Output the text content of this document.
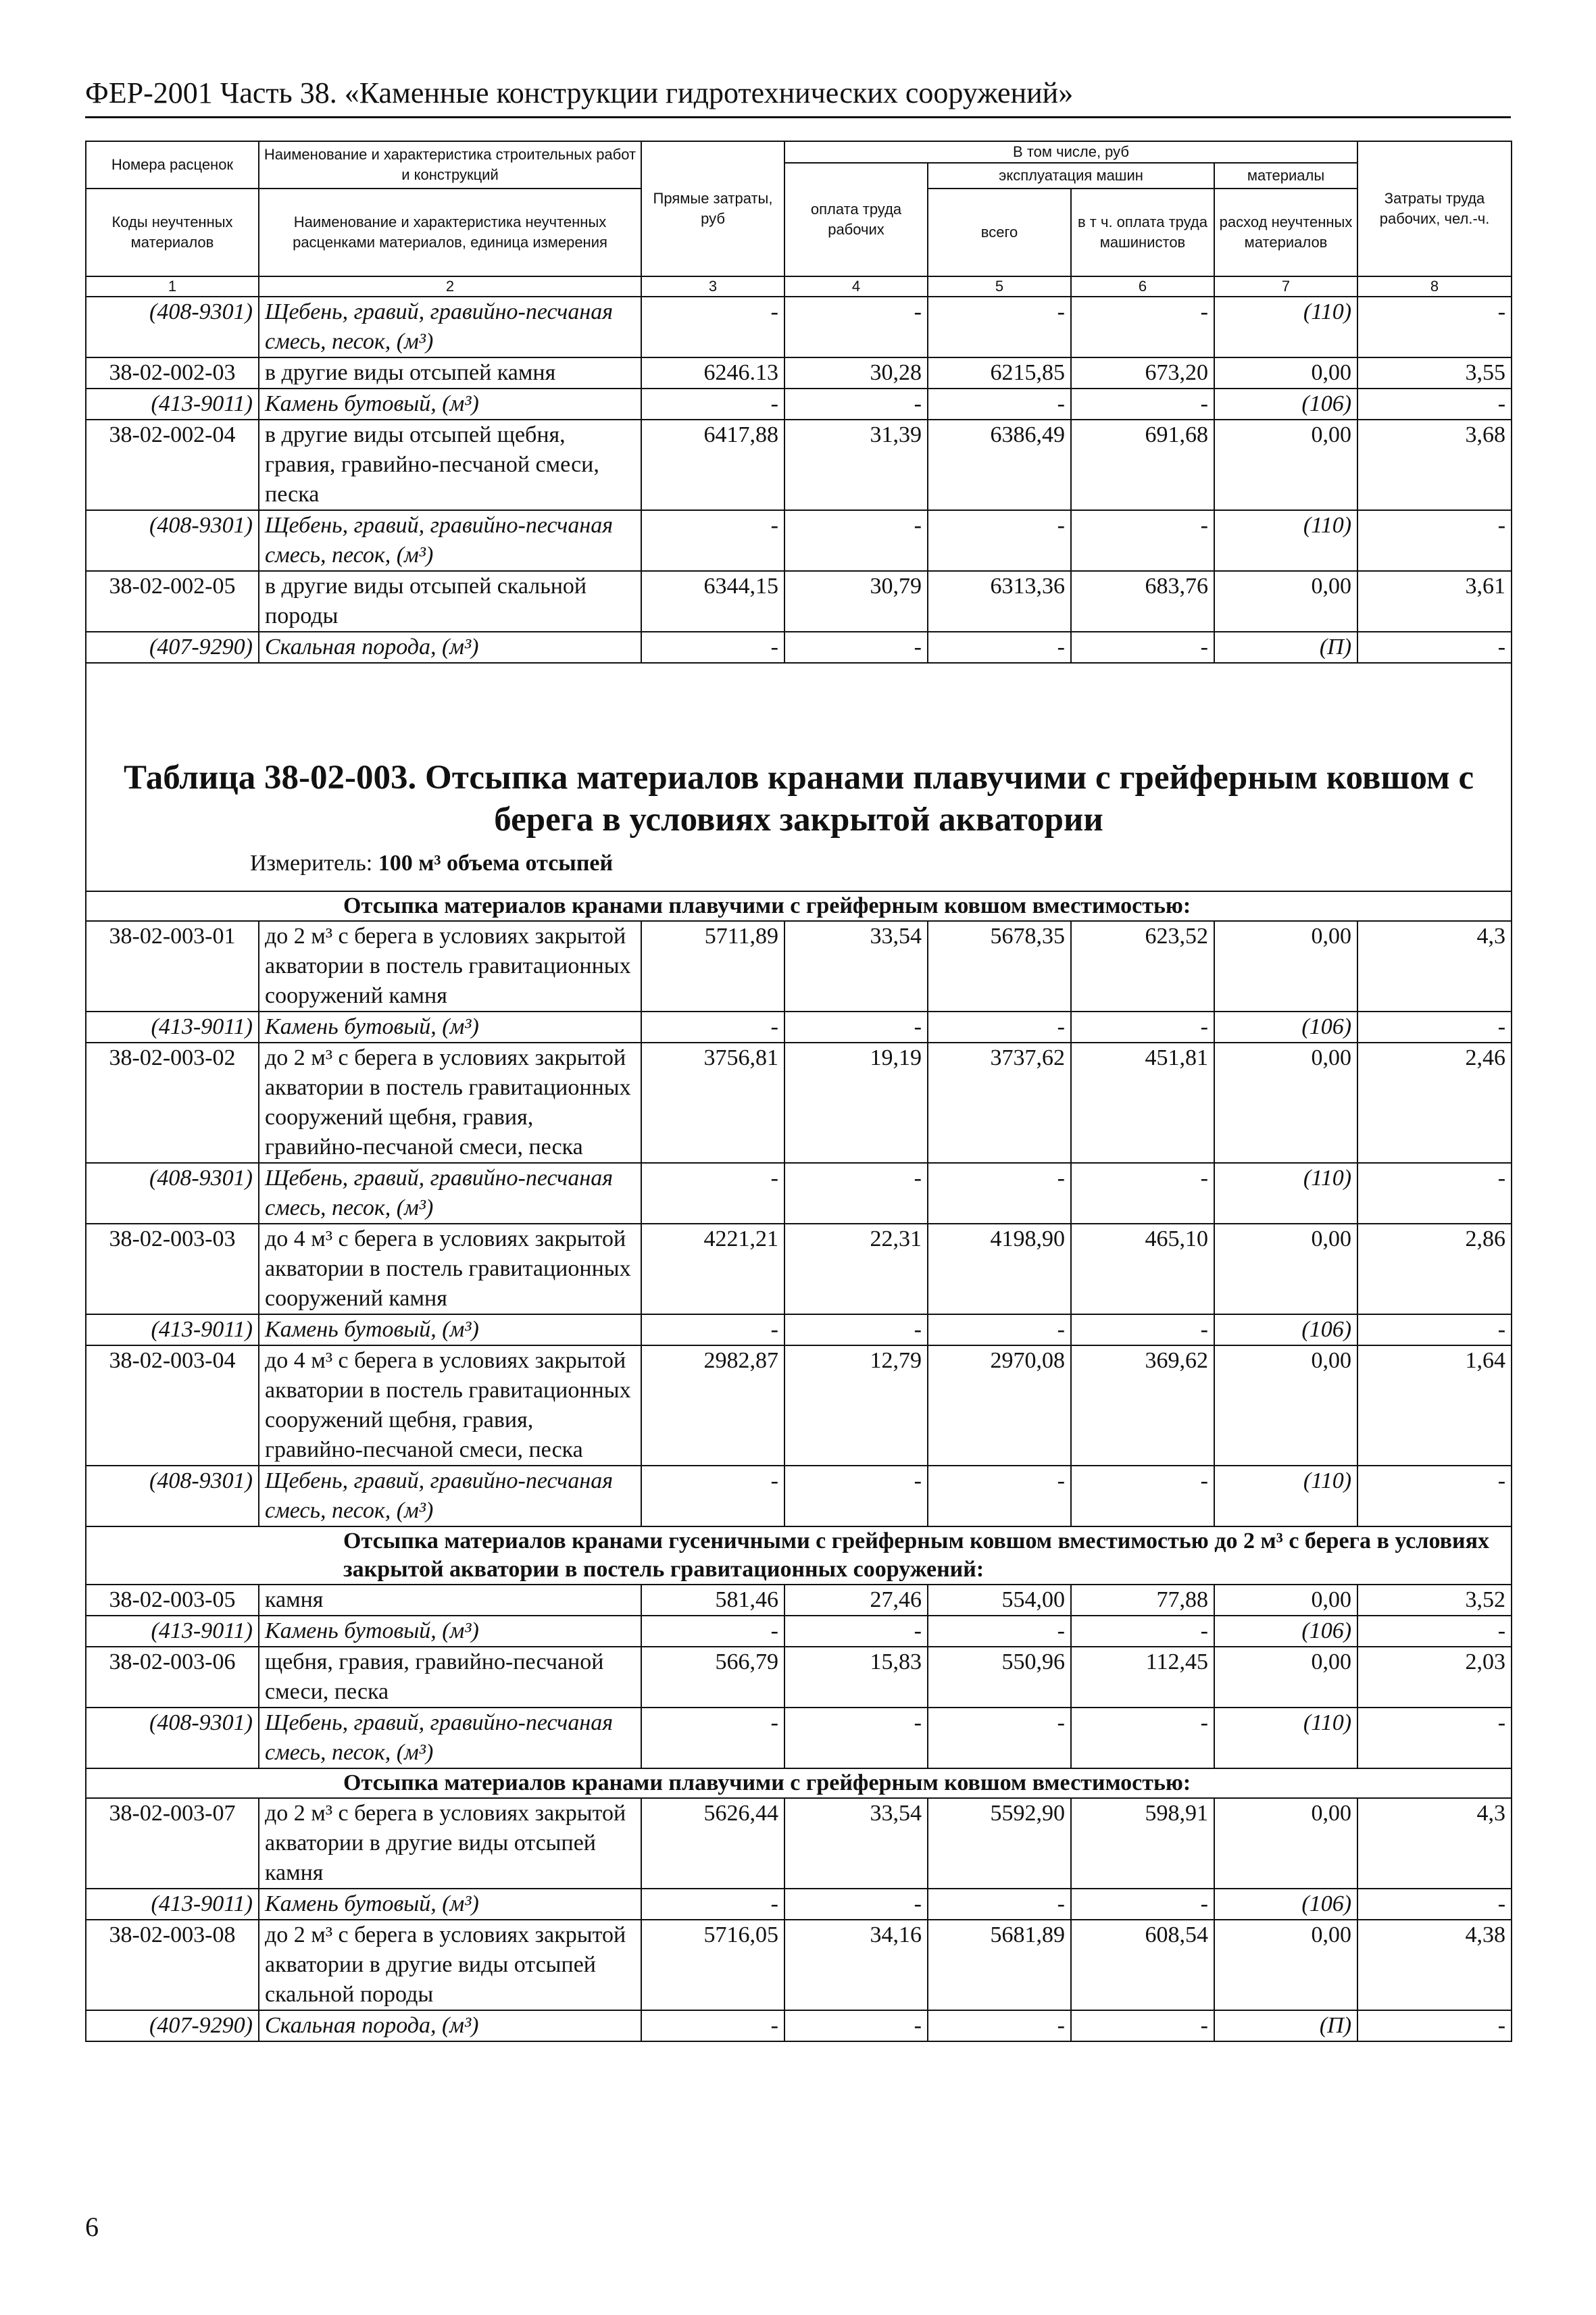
ФЕР-2001 Часть 38. «Каменные конструкции гидротехнических сооружений»
Номера расценок	Наименование и характеристика строительных работ и конструкций	Прямые затраты, руб	В том числе, руб				Затраты труда рабочих, чел.-ч.
			оплата труда рабочих	эксплуатация машин		материалы	
Коды неучтенных материалов	Наименование и характеристика неучтенных расценками материалов, единица измерения			всего	в т ч. оплата труда машинистов	расход неучтенных материалов	

1	2	3	4	5	6	7	8
(408-9301)	Щебень, гравий, гравийно-песчаная смесь, песок, (м³)	-	-	-	-	(110)	-
38-02-002-03	в другие виды отсыпей камня	6246.13	30,28	6215,85	673,20	0,00	3,55
(413-9011)	Камень бутовый, (м³)	-	-	-	-	(106)	-
38-02-002-04	в другие виды отсыпей щебня, гравия, гравийно-песчаной смеси, песка	6417,88	31,39	6386,49	691,68	0,00	3,68
(408-9301)	Щебень, гравий, гравийно-песчаная смесь, песок, (м³)	-	-	-	-	(110)	-
38-02-002-05	в другие виды отсыпей скальной породы	6344,15	30,79	6313,36	683,76	0,00	3,61
(407-9290)	Скальная порода, (м³)	-	-	-	-	(П)	-

Таблица 38-02-003. Отсыпка материалов кранами плавучими с грейферным ковшом с
берега в условиях закрытой акватории
Измеритель: 100 м³ объема отсыпей							

Отсыпка материалов кранами плавучими с грейферным ковшом вместимостью:							
38-02-003-01	до 2 м³ с берега в условиях закрытой акватории в постель гравитационных сооружений камня	5711,89	33,54	5678,35	623,52	0,00	4,3
(413-9011)	Камень бутовый, (м³)	-	-	-	-	(106)	-
38-02-003-02	до 2 м³ с берега в условиях закрытой акватории в постель гравитационных сооружений щебня, гравия, гравийно-песчаной смеси, песка	3756,81	19,19	3737,62	451,81	0,00	2,46
(408-9301)	Щебень, гравий, гравийно-песчаная смесь, песок, (м³)	-	-	-	-	(110)	-
38-02-003-03	до 4 м³ с берега в условиях закрытой акватории в постель гравитационных сооружений камня	4221,21	22,31	4198,90	465,10	0,00	2,86
(413-9011)	Камень бутовый, (м³)	-	-	-	-	(106)	-
38-02-003-04	до 4 м³ с берега в условиях закрытой акватории в постель гравитационных сооружений щебня, гравия, гравийно-песчаной смеси, песка	2982,87	12,79	2970,08	369,62	0,00	1,64
(408-9301)	Щебень, гравий, гравийно-песчаная смесь, песок, (м³)	-	-	-	-	(110)	-
Отсыпка материалов кранами гусеничными с грейферным ковшом вместимостью до 2 м³ с берега в условиях закрытой акватории в постель гравитационных сооружений:							
38-02-003-05	камня	581,46	27,46	554,00	77,88	0,00	3,52
(413-9011)	Камень бутовый, (м³)	-	-	-	-	(106)	-
38-02-003-06	щебня, гравия, гравийно-песчаной смеси, песка	566,79	15,83	550,96	112,45	0,00	2,03
(408-9301)	Щебень, гравий, гравийно-песчаная смесь, песок, (м³)	-	-	-	-	(110)	-
Отсыпка материалов кранами плавучими с грейферным ковшом вместимостью:							
38-02-003-07	до 2 м³ с берега в условиях закрытой акватории в другие виды отсыпей камня	5626,44	33,54	5592,90	598,91	0,00	4,3
(413-9011)	Камень бутовый, (м³)	-	-	-	-	(106)	-
38-02-003-08	до 2 м³ с берега в условиях закрытой акватории в другие виды отсыпей скальной породы	5716,05	34,16	5681,89	608,54	0,00	4,38
(407-9290)	Скальная порода, (м³)	-	-	-	-	(П)	-
6
